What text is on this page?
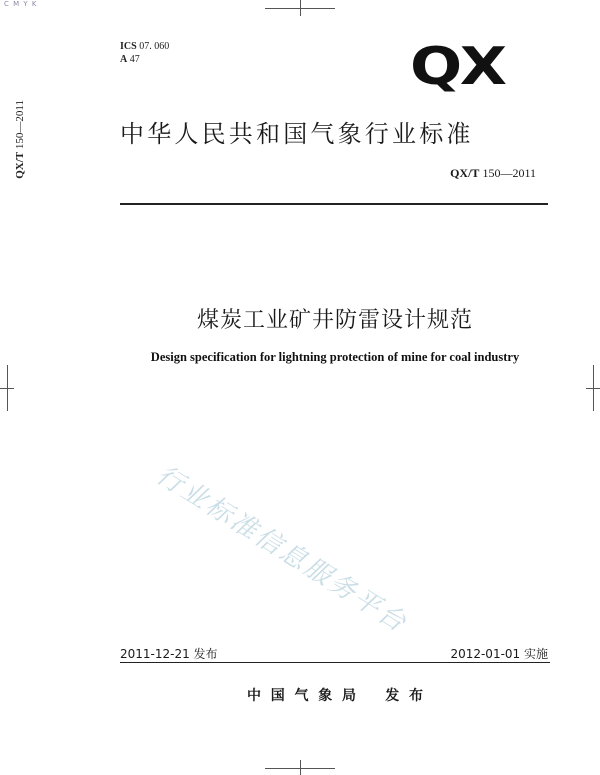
C M Y K
ICS 07. 060
A 47	QX
QX/T 150—2011	中华人民共和国气象行业标准
QX/T 150—2011
煤炭工业矿井防雷设计规范
Design specification for lightning protection of mine for coal industry
行业标准信息服务平台
2011-12-21 发布	2012-01-01 实施
中  国  气  象  局      发  布
